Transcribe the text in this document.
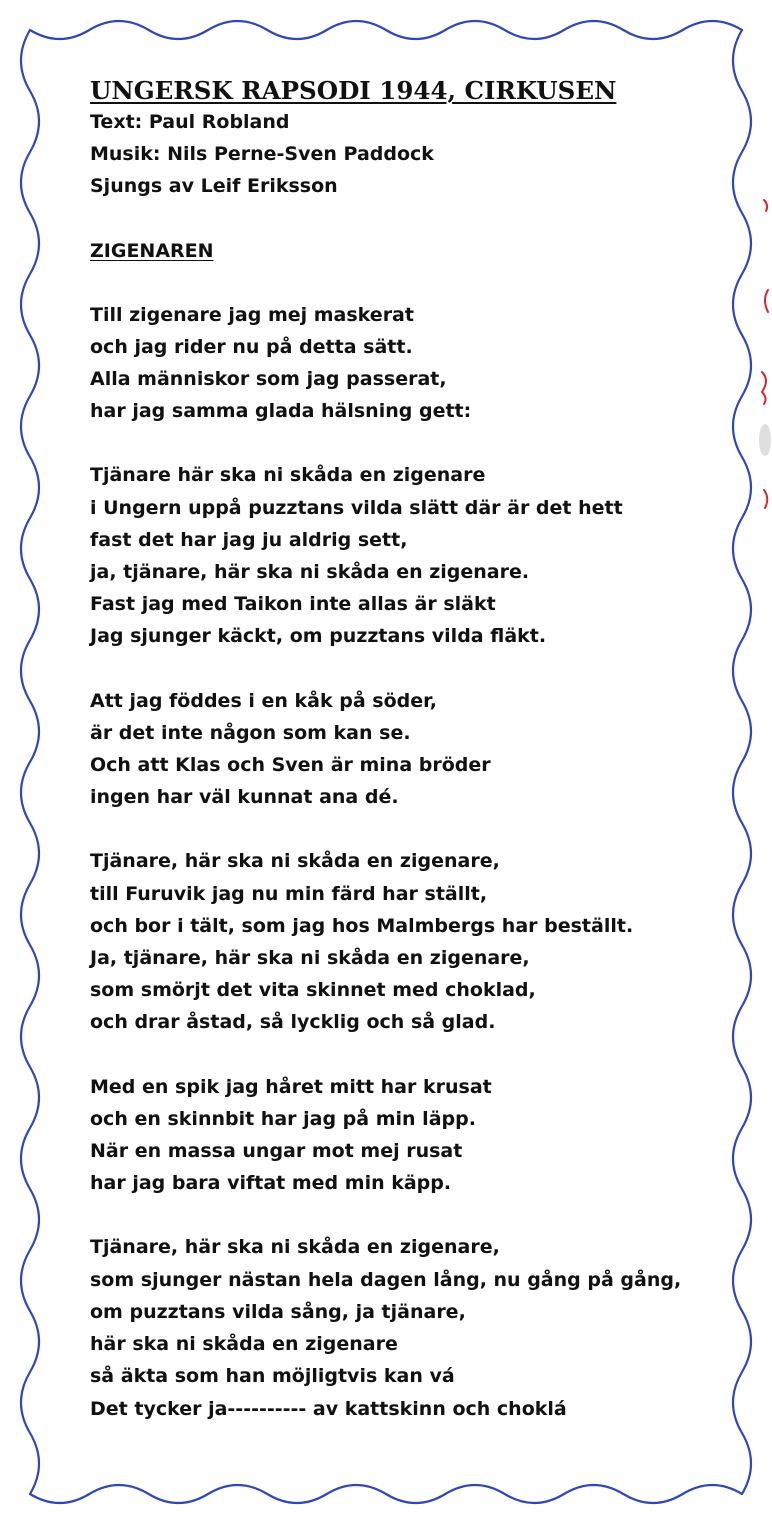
UNGERSK RAPSODI 1944, CIRKUSEN
Text: Paul Robland
Musik: Nils Perne-Sven Paddock
Sjungs av Leif Eriksson
ZIGENAREN
Till zigenare jag mej maskerat
och jag rider nu på detta sätt.
Alla människor som jag passerat,
har jag samma glada hälsning gett:
Tjänare här ska ni skåda en zigenare
i Ungern uppå puzztans vilda slätt där är det hett
fast det har jag ju aldrig sett,
ja, tjänare, här ska ni skåda en zigenare.
Fast jag med Taikon inte allas är släkt
Jag sjunger käckt, om puzztans vilda fläkt.
Att jag föddes i en kåk på söder,
är det inte någon som kan se.
Och att Klas och Sven är mina bröder
ingen har väl kunnat ana dé.
Tjänare, här ska ni skåda en zigenare,
till Furuvik jag nu min färd har ställt,
och bor i tält, som jag hos Malmbergs har beställt.
Ja, tjänare, här ska ni skåda en zigenare,
som smörjt det vita skinnet med choklad,
och drar åstad, så lycklig och så glad.
Med en spik jag håret mitt har krusat
och en skinnbit har jag på min läpp.
När en massa ungar mot mej rusat
har jag bara viftat med min käpp.
Tjänare, här ska ni skåda en zigenare,
som sjunger nästan hela dagen lång, nu gång på gång,
om puzztans vilda sång, ja tjänare,
här ska ni skåda en zigenare
så äkta som han möjligtvis kan vá
Det tycker ja---------- av kattskinn och choklá
